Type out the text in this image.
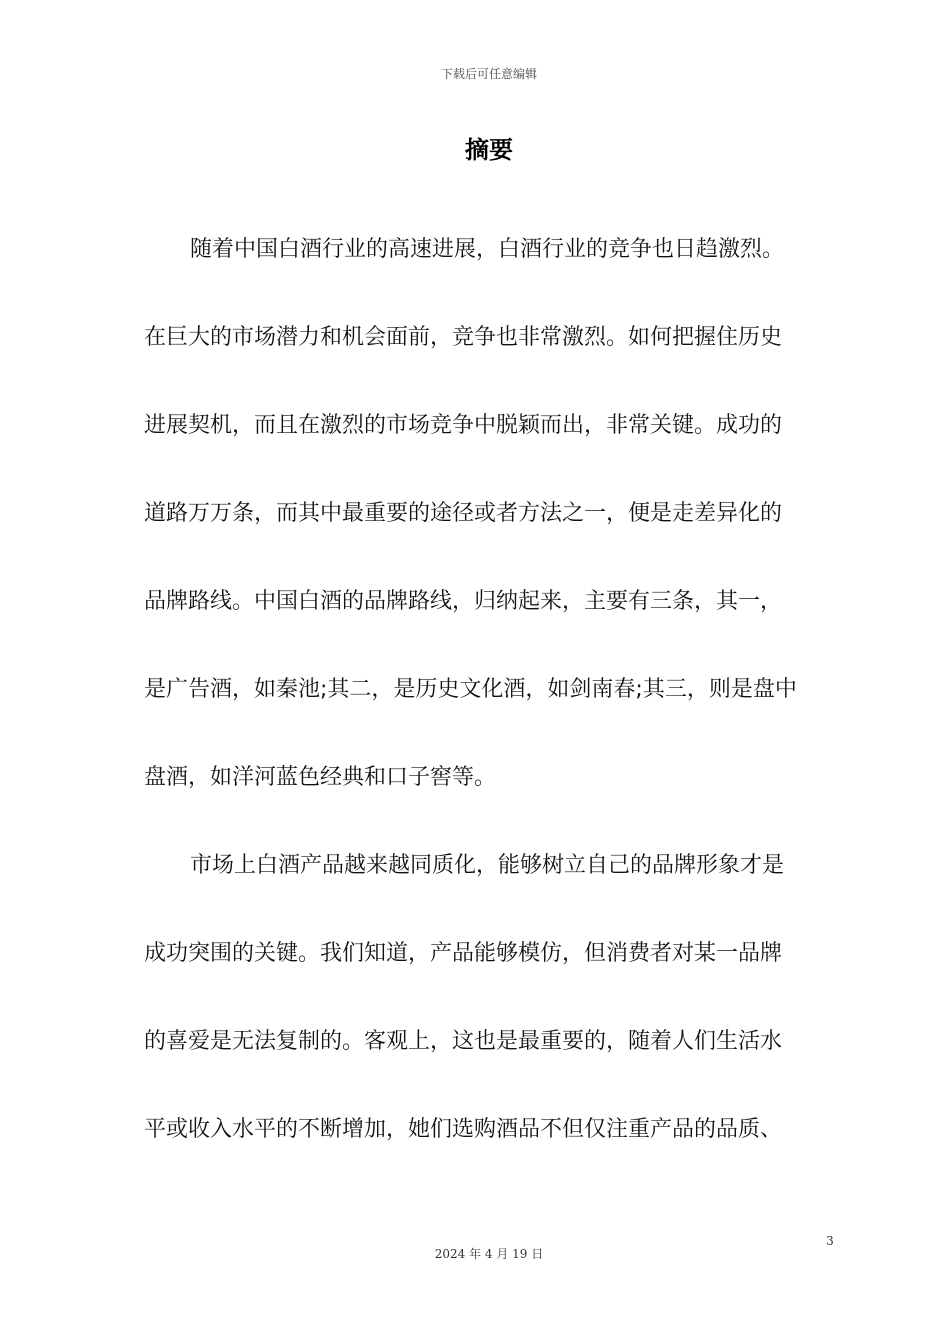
下载后可任意编辑
摘要
随着中国白酒行业的高速进展，白酒行业的竞争也日趋激烈。
在巨大的市场潜力和机会面前，竞争也非常激烈。如何把握住历史
进展契机，而且在激烈的市场竞争中脱颖而出，非常关键。成功的
道路万万条，而其中最重要的途径或者方法之一，便是走差异化的
品牌路线。中国白酒的品牌路线，归纳起来，主要有三条，其一，
是广告酒，如秦池;其二，是历史文化酒，如剑南春;其三，则是盘中
盘酒，如洋河蓝色经典和口子窖等。
市场上白酒产品越来越同质化，能够树立自己的品牌形象才是
成功突围的关键。我们知道，产品能够模仿，但消费者对某一品牌
的喜爱是无法复制的。客观上，这也是最重要的，随着人们生活水
平或收入水平的不断增加，她们选购酒品不但仅注重产品的品质、
3
2024 年 4 月 19 日
